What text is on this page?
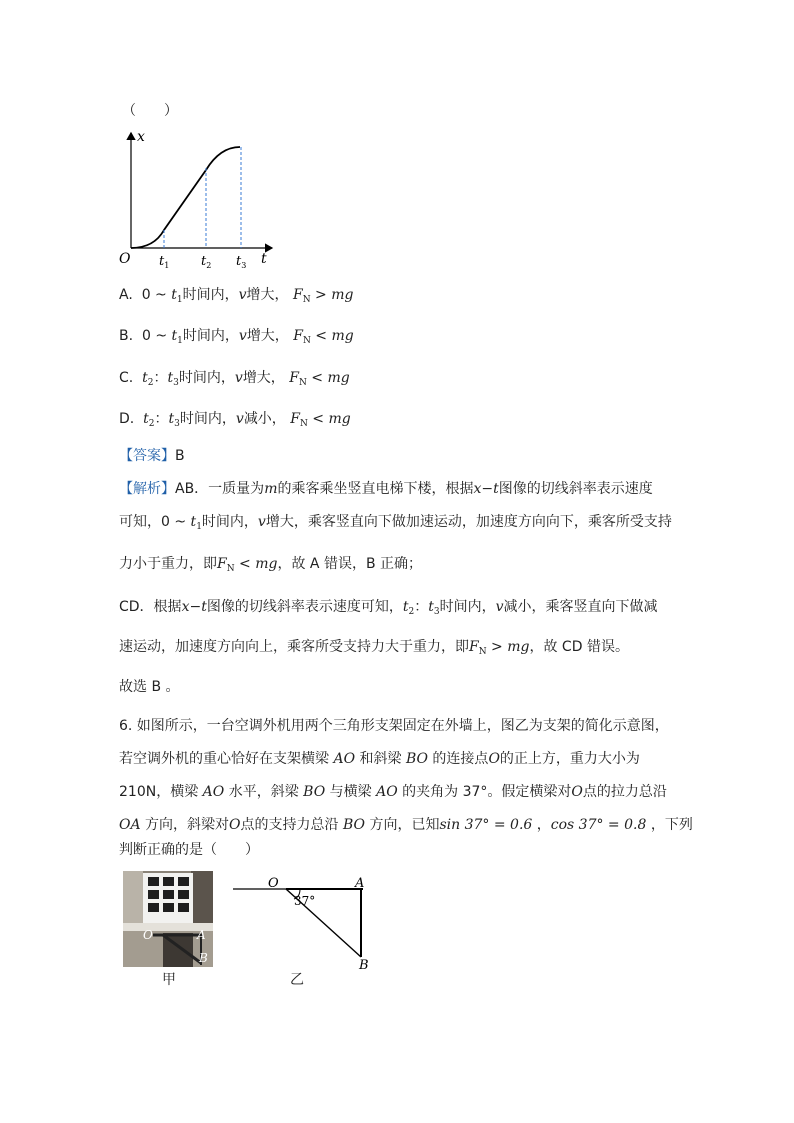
（　　）
x
t
O $t_1$ $t_2$ $t_3$
A. 0 ~ $t_1$时间内，v增大， $F_N$ > mg
B. 0 ~ $t_1$时间内，v增大， $F_N$ < mg
C. $t_2$：$t_3$时间内，v增大， $F_N$ < mg
D. $t_2$：$t_3$时间内，v减小， $F_N$ < mg
【答案】B
【解析】AB．一质量为m的乘客乘坐竖直电梯下楼，根据x−t图像的切线斜率表示速度
可知，0 ~ $t_1$时间内，v增大，乘客竖直向下做加速运动，加速度方向向下，乘客所受支持
力小于重力，即$F_N$ < mg，故 A 错误，B 正确；
CD．根据x−t图像的切线斜率表示速度可知，$t_2$：$t_3$时间内，v减小，乘客竖直向下做减
速运动，加速度方向向上，乘客所受支持力大于重力，即$F_N$ > mg，故 CD 错误。
故选 B 。
6. 如图所示，一台空调外机用两个三角形支架固定在外墙上，图乙为支架的简化示意图，
若空调外机的重心恰好在支架横梁 AO 和斜梁 BO 的连接点O的正上方，重力大小为
210N，横梁 AO 水平，斜梁 BO 与横梁 AO 的夹角为 37°。假定横梁对O点的拉力总沿
OA 方向，斜梁对O点的支持力总沿 BO 方向，已知sin 37° = 0.6 ，cos 37° = 0.8 ，下列
判断正确的是（　　）
O	A
B
甲
O	A
B
37°
乙
